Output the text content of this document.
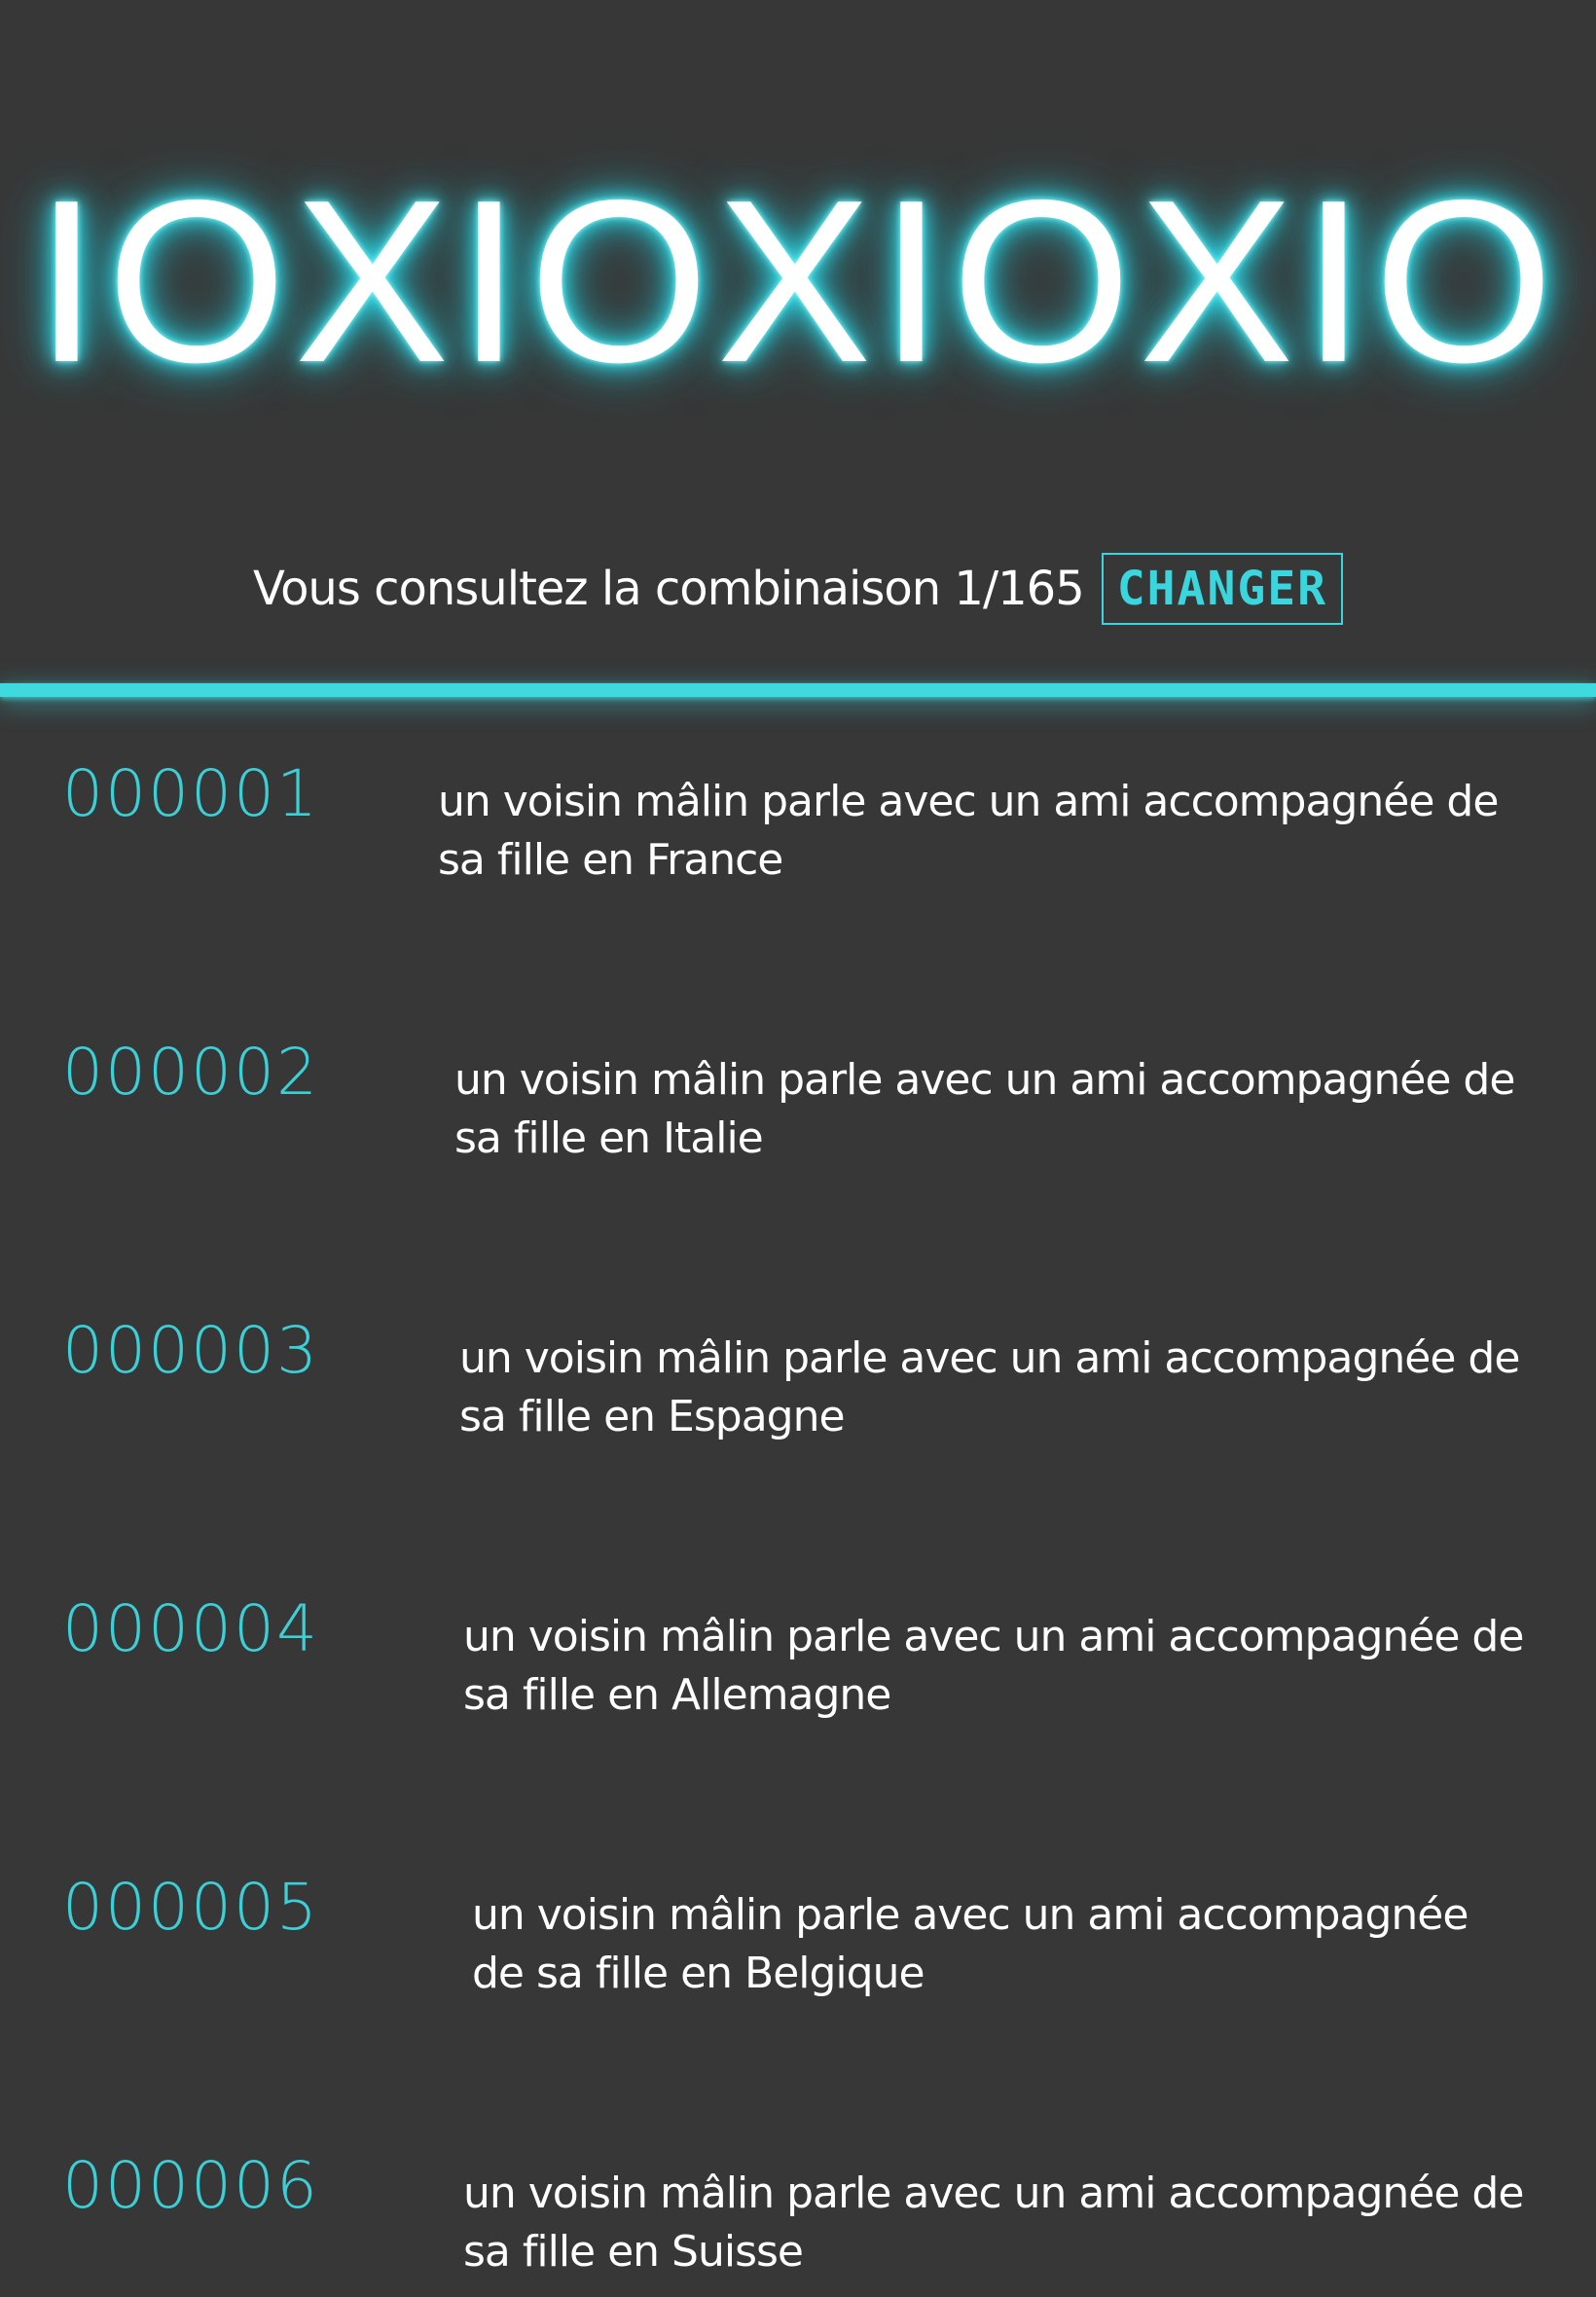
IOXIOXIOXIO
Vous consultez la combinaison 1/165 CHANGER
000001	un voisin mâlin parle avec un ami accompagnée de sa fille en France
000002	un voisin mâlin parle avec un ami accompagnée de sa fille en Italie
000003	un voisin mâlin parle avec un ami accompagnée de sa fille en Espagne
000004	un voisin mâlin parle avec un ami accompagnée de sa fille en Allemagne
000005	un voisin mâlin parle avec un ami accompagnée de sa fille en Belgique
000006	un voisin mâlin parle avec un ami accompagnée de sa fille en Suisse
